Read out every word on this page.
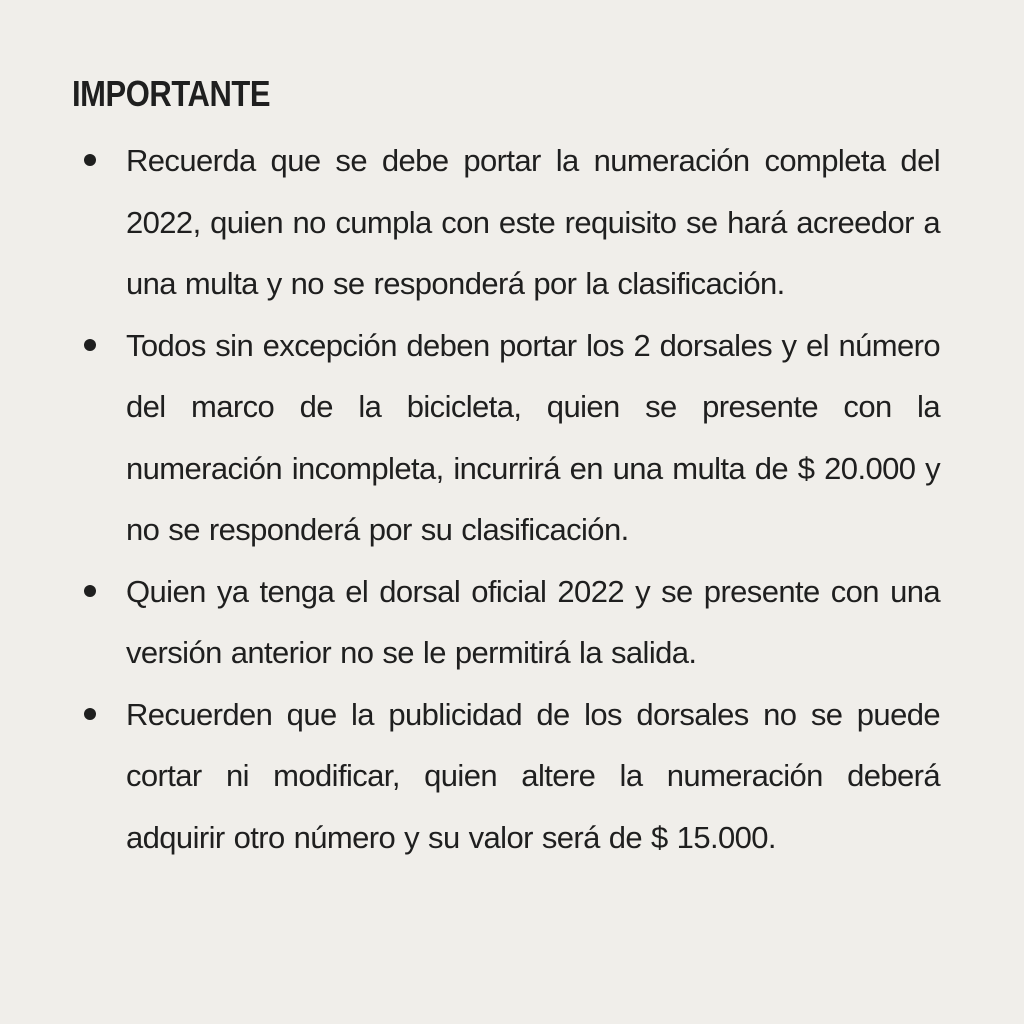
IMPORTANTE
Recuerda que se debe portar la numeración completa del 2022, quien no cumpla con este requisito se hará acreedor a una multa y no se responderá por la clasificación.
Todos sin excepción deben portar los 2 dorsales y el número del marco de la bicicleta, quien se presente con la numeración incompleta, incurrirá en una multa de $ 20.000 y no se responderá por su clasificación.
Quien ya tenga el dorsal oficial 2022 y se presente con una versión anterior no se le permitirá la salida.
Recuerden que la publicidad de los dorsales no se puede cortar ni modificar, quien altere la numeración deberá adquirir otro número y su valor será de $ 15.000.
